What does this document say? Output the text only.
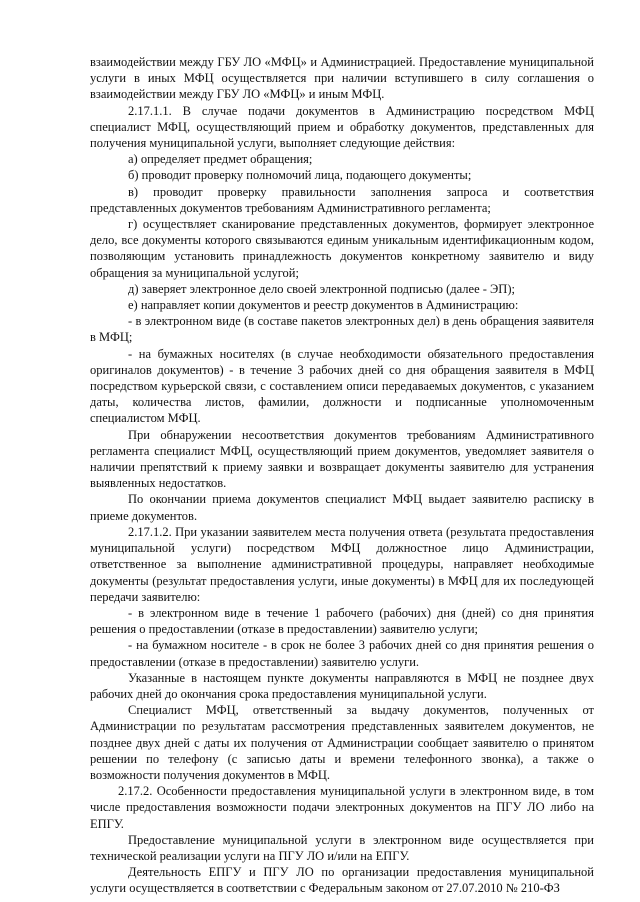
взаимодействии между ГБУ ЛО «МФЦ» и Администрацией. Предоставление муниципальной услуги в иных МФЦ осуществляется при наличии вступившего в силу соглашения о взаимодействии между ГБУ ЛО «МФЦ» и иным МФЦ.

2.17.1.1. В случае подачи документов в Администрацию посредством МФЦ специалист МФЦ, осуществляющий прием и обработку документов, представленных для получения муниципальной услуги, выполняет следующие действия:

а) определяет предмет обращения;

б) проводит проверку полномочий лица, подающего документы;

в) проводит проверку правильности заполнения запроса и соответствия представленных документов требованиям Административного регламента;

г) осуществляет сканирование представленных документов, формирует электронное дело, все документы которого связываются единым уникальным идентификационным кодом, позволяющим установить принадлежность документов конкретному заявителю и виду обращения за муниципальной услугой;

д) заверяет электронное дело своей электронной подписью (далее - ЭП);

е) направляет копии документов и реестр документов в Администрацию:

- в электронном виде (в составе пакетов электронных дел) в день обращения заявителя в МФЦ;

- на бумажных носителях (в случае необходимости обязательного предоставления оригиналов документов) - в течение 3 рабочих дней со дня обращения заявителя в МФЦ посредством курьерской связи, с составлением описи передаваемых документов, с указанием даты, количества листов, фамилии, должности и подписанные уполномоченным специалистом МФЦ.

При обнаружении несоответствия документов требованиям Административного регламента специалист МФЦ, осуществляющий прием документов, уведомляет заявителя о наличии препятствий к приему заявки и возвращает документы заявителю для устранения выявленных недостатков.

По окончании приема документов специалист МФЦ выдает заявителю расписку в приеме документов.

2.17.1.2. При указании заявителем места получения ответа (результата предоставления муниципальной услуги) посредством МФЦ должностное лицо Администрации, ответственное за выполнение административной процедуры, направляет необходимые документы (результат предоставления услуги, иные документы) в МФЦ для их последующей передачи заявителю:

- в электронном виде в течение 1 рабочего (рабочих) дня (дней) со дня принятия решения о предоставлении (отказе в предоставлении) заявителю услуги;

- на бумажном носителе - в срок не более 3 рабочих дней со дня принятия решения о предоставлении (отказе в предоставлении) заявителю услуги.

Указанные в настоящем пункте документы направляются в МФЦ не позднее двух рабочих дней до окончания срока предоставления муниципальной услуги.

Специалист МФЦ, ответственный за выдачу документов, полученных от Администрации по результатам рассмотрения представленных заявителем документов, не позднее двух дней с даты их получения от Администрации сообщает заявителю о принятом решении по телефону (с записью даты и времени телефонного звонка), а также о возможности получения документов в МФЦ.

2.17.2. Особенности предоставления муниципальной услуги в электронном виде, в том числе предоставления возможности подачи электронных документов на ПГУ ЛО либо на ЕПГУ.

Предоставление муниципальной услуги в электронном виде осуществляется при технической реализации услуги на ПГУ ЛО и/или на ЕПГУ.

Деятельность ЕПГУ и ПГУ ЛО по организации предоставления муниципальной услуги осуществляется в соответствии с Федеральным законом от 27.07.2010 № 210-ФЗ
